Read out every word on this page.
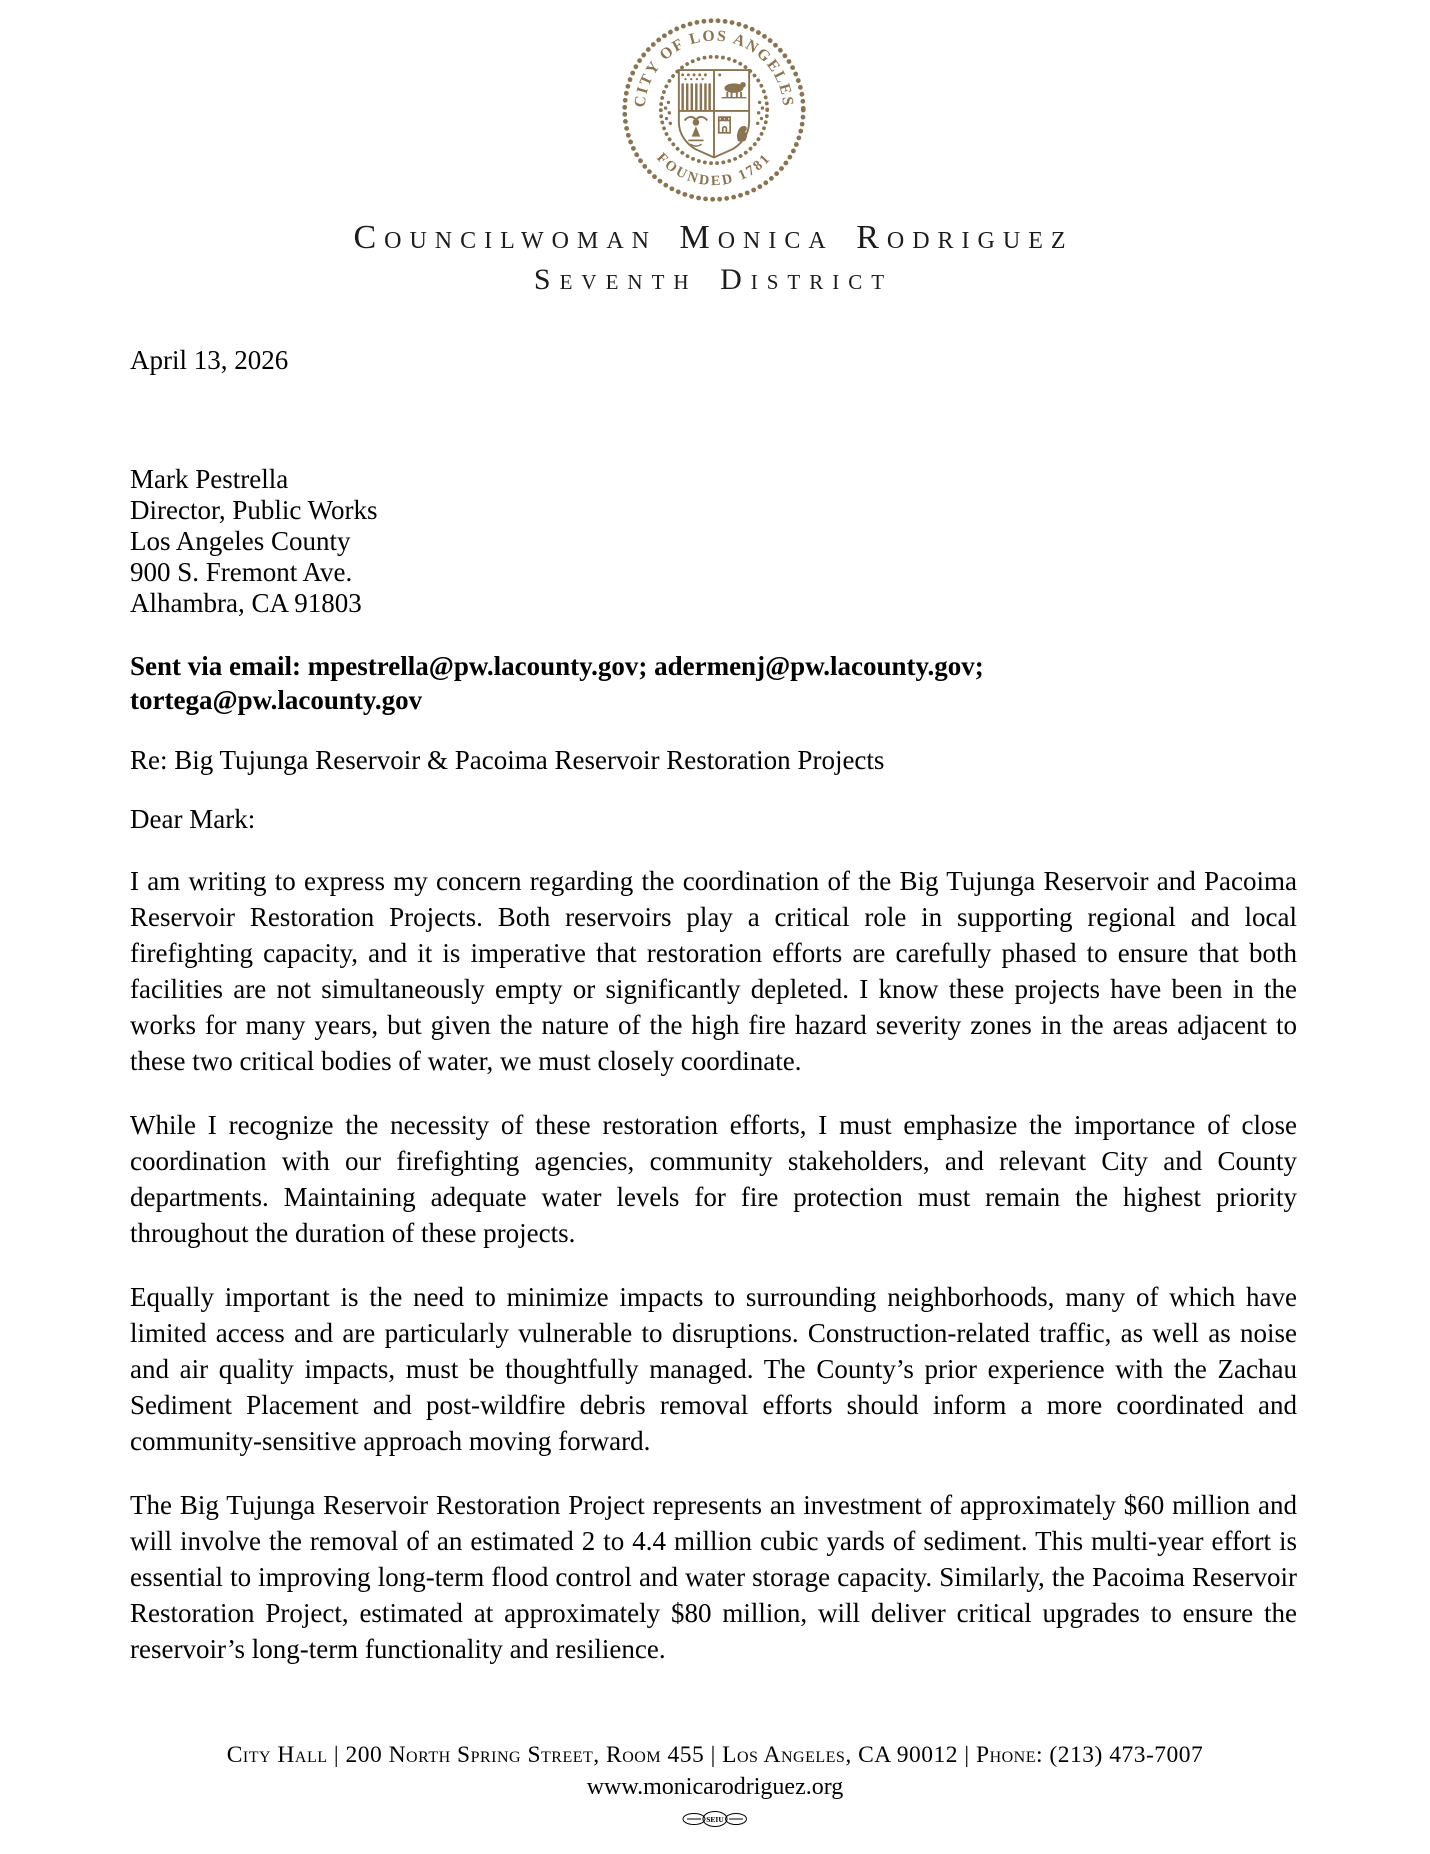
CITY OF LOS ANGELES
FOUNDED 1781
Councilwoman Monica Rodriguez
Seventh District
April 13, 2026
Mark Pestrella
Director, Public Works
Los Angeles County
900 S. Fremont Ave.
Alhambra, CA 91803
Sent via email: mpestrella@pw.lacounty.gov; adermenj@pw.lacounty.gov;
tortega@pw.lacounty.gov
Re: Big Tujunga Reservoir & Pacoima Reservoir Restoration Projects
Dear Mark:

I am writing to express my concern regarding the coordination of the Big Tujunga Reservoir and Pacoima Reservoir Restoration Projects. Both reservoirs play a critical role in supporting regional and local firefighting capacity, and it is imperative that restoration efforts are carefully phased to ensure that both facilities are not simultaneously empty or significantly depleted. I know these projects have been in the works for many years, but given the nature of the high fire hazard severity zones in the areas adjacent to these two critical bodies of water, we must closely coordinate.

While I recognize the necessity of these restoration efforts, I must emphasize the importance of close coordination with our firefighting agencies, community stakeholders, and relevant City and County departments. Maintaining adequate water levels for fire protection must remain the highest priority throughout the duration of these projects.

Equally important is the need to minimize impacts to surrounding neighborhoods, many of which have limited access and are particularly vulnerable to disruptions. Construction-related traffic, as well as noise and air quality impacts, must be thoughtfully managed. The County’s prior experience with the Zachau Sediment Placement and post-wildfire debris removal efforts should inform a more coordinated and community-sensitive approach moving forward.

The Big Tujunga Reservoir Restoration Project represents an investment of approximately $60 million and will involve the removal of an estimated 2 to 4.4 million cubic yards of sediment. This multi-year effort is essential to improving long-term flood control and water storage capacity. Similarly, the Pacoima Reservoir Restoration Project, estimated at approximately $80 million, will deliver critical upgrades to ensure the reservoir’s long-term functionality and resilience.

City Hall | 200 North Spring Street, Room 455 | Los Angeles, CA 90012 | Phone: (213) 473-7007
www.monicarodriguez.org
SEIU
